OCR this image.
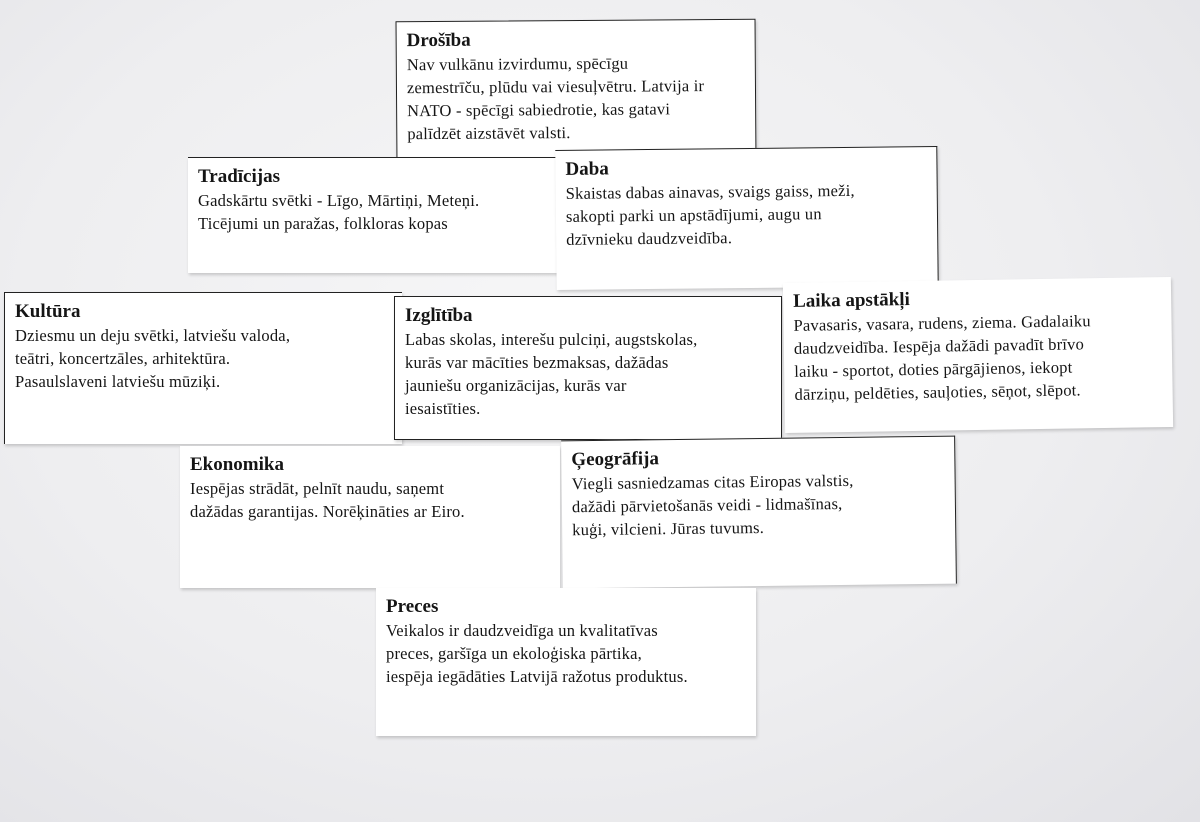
Drošība

Nav vulkānu izvirdumu, spēcīgu

zemestrīču, plūdu vai viesuļvētru. Latvija ir

NATO - spēcīgi sabiedrotie, kas gatavi

palīdzēt aizstāvēt valsti.

Tradīcijas

Gadskārtu svētki - Līgo, Mārtiņi, Meteņi.

Ticējumi un paražas, folkloras kopas

Daba

Skaistas dabas ainavas, svaigs gaiss, meži,

sakopti parki un apstādījumi, augu un

dzīvnieku daudzveidība.

Kultūra

Dziesmu un deju svētki, latviešu valoda,

teātri, koncertzāles, arhitektūra.

Pasaulslaveni latviešu mūziķi.

Izglītība

Labas skolas, interešu pulciņi, augstskolas,

kurās var mācīties bezmaksas, dažādas

jauniešu organizācijas, kurās var

iesaistīties.

Laika apstākļi

Pavasaris, vasara, rudens, ziema. Gadalaiku

daudzveidība. Iespēja dažādi pavadīt brīvo

laiku - sportot, doties pārgājienos, iekopt

dārziņu, peldēties, sauļoties, sēņot, slēpot.

Ekonomika

Iespējas strādāt, pelnīt naudu, saņemt

dažādas garantijas. Norēķināties ar Eiro.

Ģeogrāfija

Viegli sasniedzamas citas Eiropas valstis,

dažādi pārvietošanās veidi - lidmašīnas,

kuģi, vilcieni. Jūras tuvums.

Preces

Veikalos ir daudzveidīga un kvalitatīvas

preces, garšīga un ekoloģiska pārtika,

iespēja iegādāties Latvijā ražotus produktus.
